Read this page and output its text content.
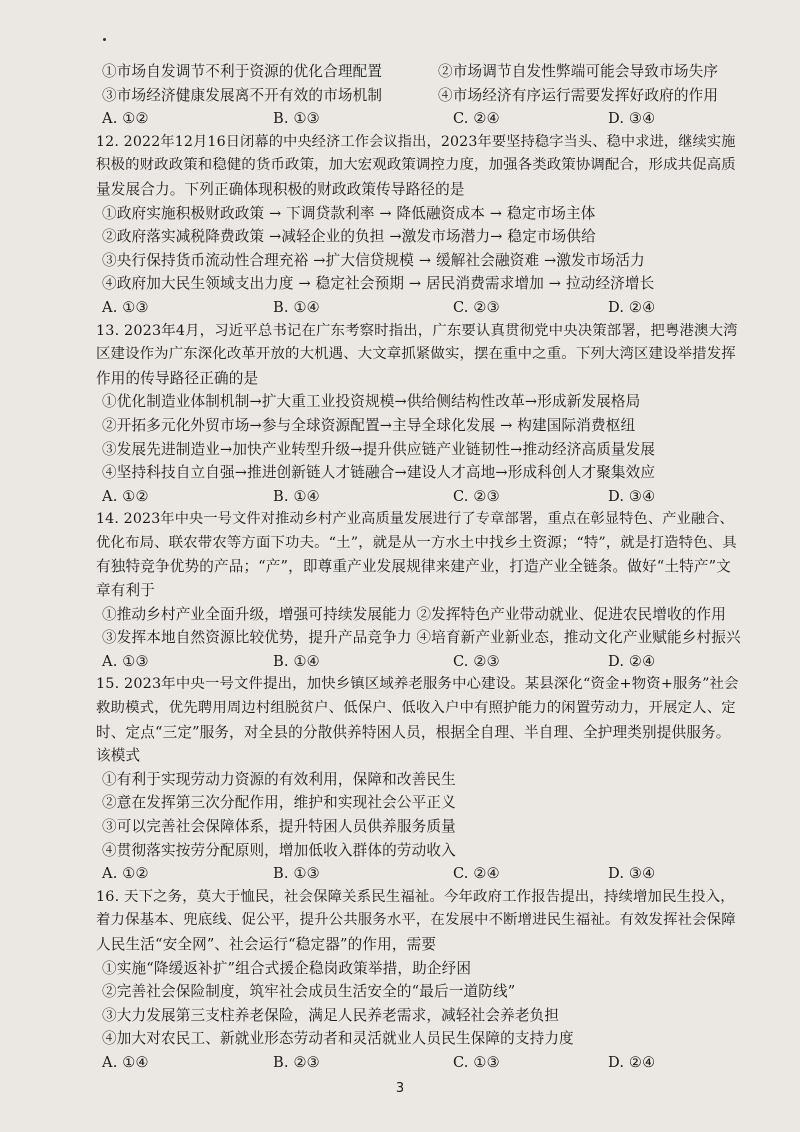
①市场自发调节不利于资源的优化合理配置	②市场调节自发性弊端可能会导致市场失序
③市场经济健康发展离不开有效的市场机制	④市场经济有序运行需要发挥好政府的作用
A. ①②	B. ①③	C. ②④	D. ③④
12. 2022年12月16日闭幕的中央经济工作会议指出，2023年要坚持稳字当头、稳中求进，继续实施
积极的财政政策和稳健的货币政策，加大宏观政策调控力度，加强各类政策协调配合，形成共促高质
量发展合力。下列正确体现积极的财政政策传导路径的是
①政府实施积极财政政策 → 下调贷款利率 → 降低融资成本 → 稳定市场主体
②政府落实减税降费政策 →减轻企业的负担 →激发市场潜力→ 稳定市场供给
③央行保持货币流动性合理充裕 →扩大信贷规模 → 缓解社会融资难 →激发市场活力
④政府加大民生领域支出力度 → 稳定社会预期 → 居民消费需求增加 → 拉动经济增长
A. ①③	B. ①④	C. ②③	D. ②④
13. 2023年4月，习近平总书记在广东考察时指出，广东要认真贯彻党中央决策部署，把粤港澳大湾
区建设作为广东深化改革开放的大机遇、大文章抓紧做实，摆在重中之重。下列大湾区建设举措发挥
作用的传导路径正确的是
①优化制造业体制机制→扩大重工业投资规模→供给侧结构性改革→形成新发展格局
②开拓多元化外贸市场→参与全球资源配置→主导全球化发展 → 构建国际消费枢纽
③发展先进制造业→加快产业转型升级→提升供应链产业链韧性→推动经济高质量发展
④坚持科技自立自强→推进创新链人才链融合→建设人才高地→形成科创人才聚集效应
A. ①②	B. ①④	C. ②③	D. ③④
14. 2023年中央一号文件对推动乡村产业高质量发展进行了专章部署，重点在彰显特色、产业融合、
优化布局、联农带农等方面下功夫。“土”，就是从一方水土中找乡土资源；“特”，就是打造特色、具
有独特竞争优势的产品；“产”，即尊重产业发展规律来建产业，打造产业全链条。做好“土特产”文
章有利于
①推动乡村产业全面升级，增强可持续发展能力 ②发挥特色产业带动就业、促进农民增收的作用
③发挥本地自然资源比较优势，提升产品竞争力 ④培育新产业新业态，推动文化产业赋能乡村振兴
A. ①③	B. ①④	C. ②③	D. ②④
15. 2023年中央一号文件提出，加快乡镇区域养老服务中心建设。某县深化“资金+物资+服务”社会
救助模式，优先聘用周边村组脱贫户、低保户、低收入户中有照护能力的闲置劳动力，开展定人、定
时、定点“三定”服务，对全县的分散供养特困人员，根据全自理、半自理、全护理类别提供服务。
该模式
①有利于实现劳动力资源的有效利用，保障和改善民生
②意在发挥第三次分配作用，维护和实现社会公平正义
③可以完善社会保障体系，提升特困人员供养服务质量
④贯彻落实按劳分配原则，增加低收入群体的劳动收入
A. ①②	B. ①③	C. ②④	D. ③④
16. 天下之务，莫大于恤民，社会保障关系民生福祉。今年政府工作报告提出，持续增加民生投入，
着力保基本、兜底线、促公平，提升公共服务水平，在发展中不断增进民生福祉。有效发挥社会保障
人民生活“安全网”、社会运行“稳定器”的作用，需要
①实施“降缓返补扩”组合式援企稳岗政策举措，助企纾困
②完善社会保险制度，筑牢社会成员生活安全的“最后一道防线”
③大力发展第三支柱养老保险，满足人民养老需求，减轻社会养老负担
④加大对农民工、新就业形态劳动者和灵活就业人员民生保障的支持力度
A. ①④	B. ②③	C. ①③	D. ②④
3
